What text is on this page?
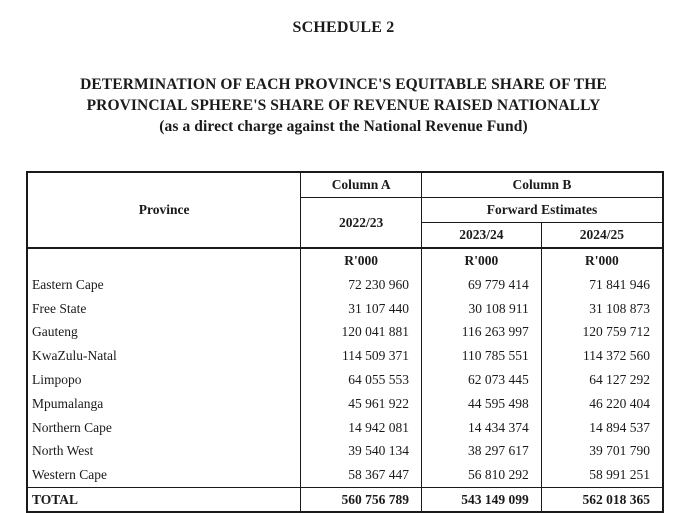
SCHEDULE 2
DETERMINATION OF EACH PROVINCE'S EQUITABLE SHARE OF THE
PROVINCIAL SPHERE'S SHARE OF REVENUE RAISED NATIONALLY
(as a direct charge against the National Revenue Fund)
Province	Column A	Column B	
	2022/23	Forward Estimates	
		2023/24	2024/25
	R'000	R'000	R'000
Eastern Cape	72 230 960	69 779 414	71 841 946
Free State	31 107 440	30 108 911	31 108 873
Gauteng	120 041 881	116 263 997	120 759 712
KwaZulu-Natal	114 509 371	110 785 551	114 372 560
Limpopo	64 055 553	62 073 445	64 127 292
Mpumalanga	45 961 922	44 595 498	46 220 404
Northern Cape	14 942 081	14 434 374	14 894 537
North West	39 540 134	38 297 617	39 701 790
Western Cape	58 367 447	56 810 292	58 991 251
TOTAL	560 756 789	543 149 099	562 018 365
